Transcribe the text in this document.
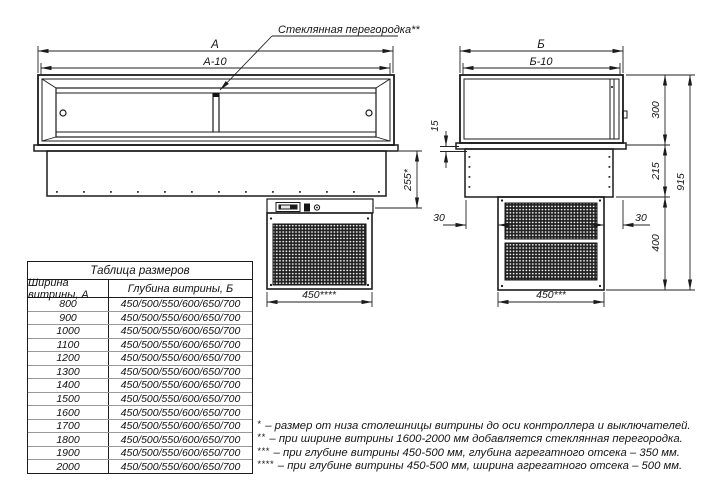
А
А-10
Стеклянная перегородка**
255*
450****
Б
Б-10
15
30	30
300
215
400
915
450***
Таблица размеров
Ширина витрины, А	Глубина витрины, Б
800	450/500/550/600/650/700
900	450/500/550/600/650/700
1000	450/500/550/600/650/700
1100	450/500/550/600/650/700
1200	450/500/550/600/650/700
1300	450/500/550/600/650/700
1400	450/500/550/600/650/700
1500	450/500/550/600/650/700
1600	450/500/550/600/650/700
1700	450/500/550/600/650/700
1800	450/500/550/600/650/700
1900	450/500/550/600/650/700
2000	450/500/550/600/650/700
* – размер от низа столешницы витрины до оси контроллера и выключателей.
** – при ширине витрины 1600-2000 мм добавляется стеклянная перегородка.
*** – при глубине витрины 450-500 мм, глубина агрегатного отсека – 350 мм.
**** – при глубине витрины 450-500 мм, ширина агрегатного отсека – 500 мм.
